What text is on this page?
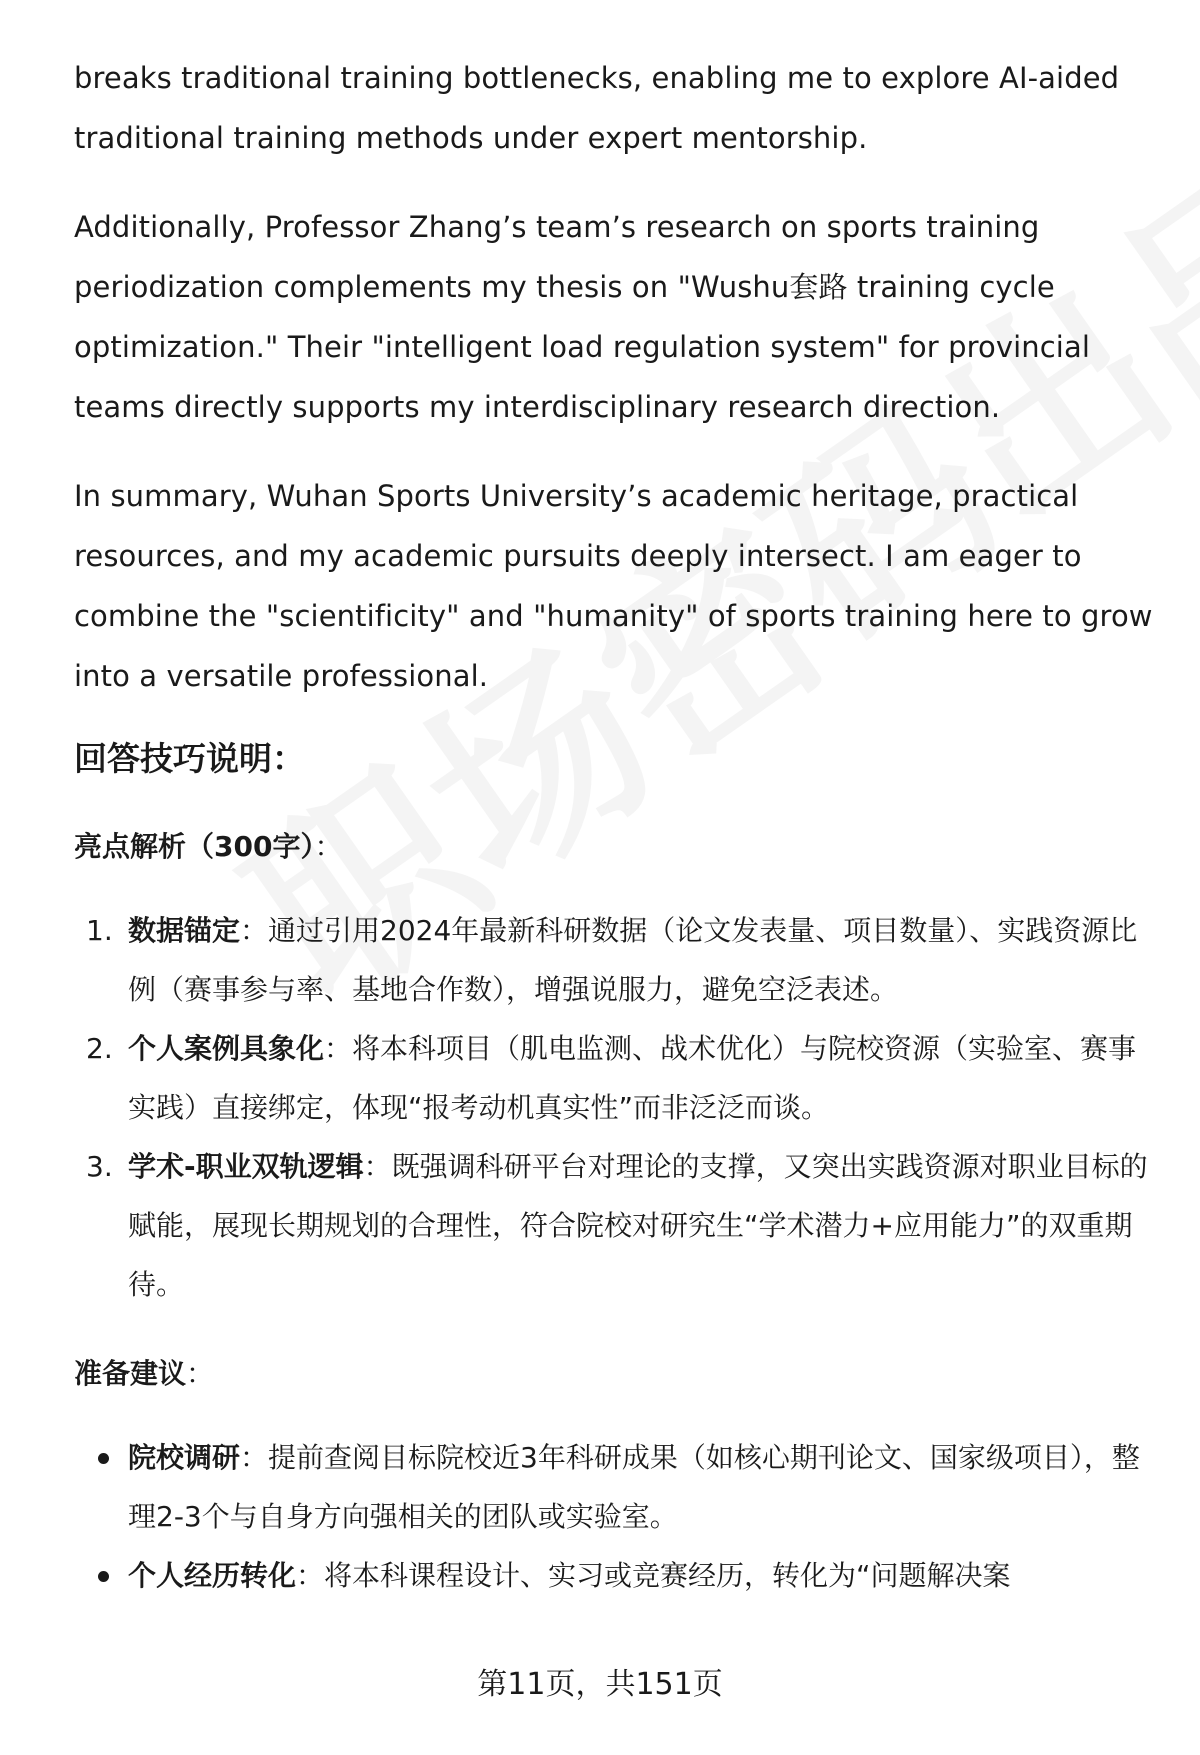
breaks traditional training bottlenecks, enabling me to explore AI-aided traditional training methods under expert mentorship.

Additionally, Professor Zhang’s team’s research on sports training periodization complements my thesis on "Wushu套路 training cycle optimization." Their "intelligent load regulation system" for provincial teams directly supports my interdisciplinary research direction.

In summary, Wuhan Sports University’s academic heritage, practical resources, and my academic pursuits deeply intersect. I am eager to combine the "scientificity" and "humanity" of sports training here to grow into a versatile professional.

回答技巧说明：
亮点解析（300字）：
1. 数据锚定：通过引用2024年最新科研数据（论文发表量、项目数量）、实践资源比例（赛事参与率、基地合作数），增强说服力，避免空泛表述。
2. 个人案例具象化：将本科项目（肌电监测、战术优化）与院校资源（实验室、赛事实践）直接绑定，体现“报考动机真实性”而非泛泛而谈。
3. 学术-职业双轨逻辑：既强调科研平台对理论的支撑，又突出实践资源对职业目标的赋能，展现长期规划的合理性，符合院校对研究生“学术潜力+应用能力”的双重期待。
准备建议：
院校调研：提前查阅目标院校近3年科研成果（如核心期刊论文、国家级项目），整理2-3个与自身方向强相关的团队或实验室。
个人经历转化：将本科课程设计、实习或竞赛经历，转化为“问题解决案
第11页，共151页
